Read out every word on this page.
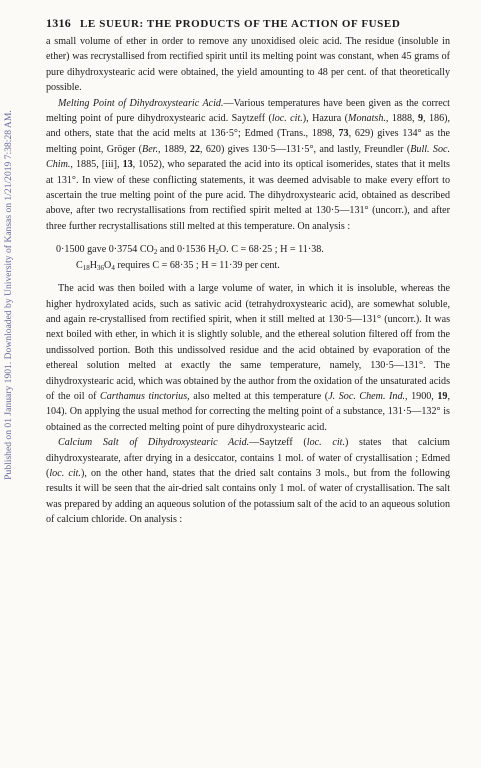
Published on 01 January 1901. Downloaded by University of Kansas on 1/21/2019 7:38:28 AM.
1316 LE SUEUR: THE PRODUCTS OF THE ACTION OF FUSED

a small volume of ether in order to remove any unoxidised oleic acid. The residue (insoluble in ether) was recrystallised from rectified spirit until its melting point was constant, when 45 grams of pure dihydroxystearic acid were obtained, the yield amounting to 48 per cent. of that theoretically possible.

Melting Point of Dihydroxystearic Acid.—Various temperatures have been given as the correct melting point of pure dihydroxystearic acid. Saytzeff (loc. cit.), Hazura (Monatsh., 1888, 9, 186), and others, state that the acid melts at 136·5°; Edmed (Trans., 1898, 73, 629) gives 134° as the melting point, Gröger (Ber., 1889, 22, 620) gives 130·5—131·5°, and lastly, Freundler (Bull. Soc. Chim., 1885, [iii], 13, 1052), who separated the acid into its optical isomerides, states that it melts at 131°. In view of these conflicting statements, it was deemed advisable to make every effort to ascertain the true melting point of the pure acid. The dihydroxystearic acid, obtained as described above, after two recrystallisations from rectified spirit melted at 130·5—131° (uncorr.), and after three further recrystallisations still melted at this temperature. On analysis :

0·1500 gave 0·3754 $CO_2$ and 0·1536 $H_2O$. C = 68·25 ; H = 11·38.
$C_{18}H_{36}O_4$ requires C = 68·35 ; H = 11·39 per cent.

The acid was then boiled with a large volume of water, in which it is insoluble, whereas the higher hydroxylated acids, such as sativic acid (tetrahydroxystearic acid), are somewhat soluble, and again re-crystallised from rectified spirit, when it still melted at 130·5—131° (uncorr.). It was next boiled with ether, in which it is slightly soluble, and the ethereal solution filtered off from the undissolved portion. Both this undissolved residue and the acid obtained by evaporation of the ethereal solution melted at exactly the same temperature, namely, 130·5—131°. The dihydroxystearic acid, which was obtained by the author from the oxidation of the unsaturated acids of the oil of Carthamus tinctorius, also melted at this temperature (J. Soc. Chem. Ind., 1900, 19, 104). On applying the usual method for correcting the melting point of a substance, 131·5—132° is obtained as the corrected melting point of pure dihydroxystearic acid.

Calcium Salt of Dihydroxystearic Acid.—Saytzeff (loc. cit.) states that calcium dihydroxystearate, after drying in a desiccator, contains 1 mol. of water of crystallisation ; Edmed (loc. cit.), on the other hand, states that the dried salt contains 3 mols., but from the following results it will be seen that the air-dried salt contains only 1 mol. of water of crystallisation. The salt was prepared by adding an aqueous solution of the potassium salt of the acid to an aqueous solution of calcium chloride. On analysis :
